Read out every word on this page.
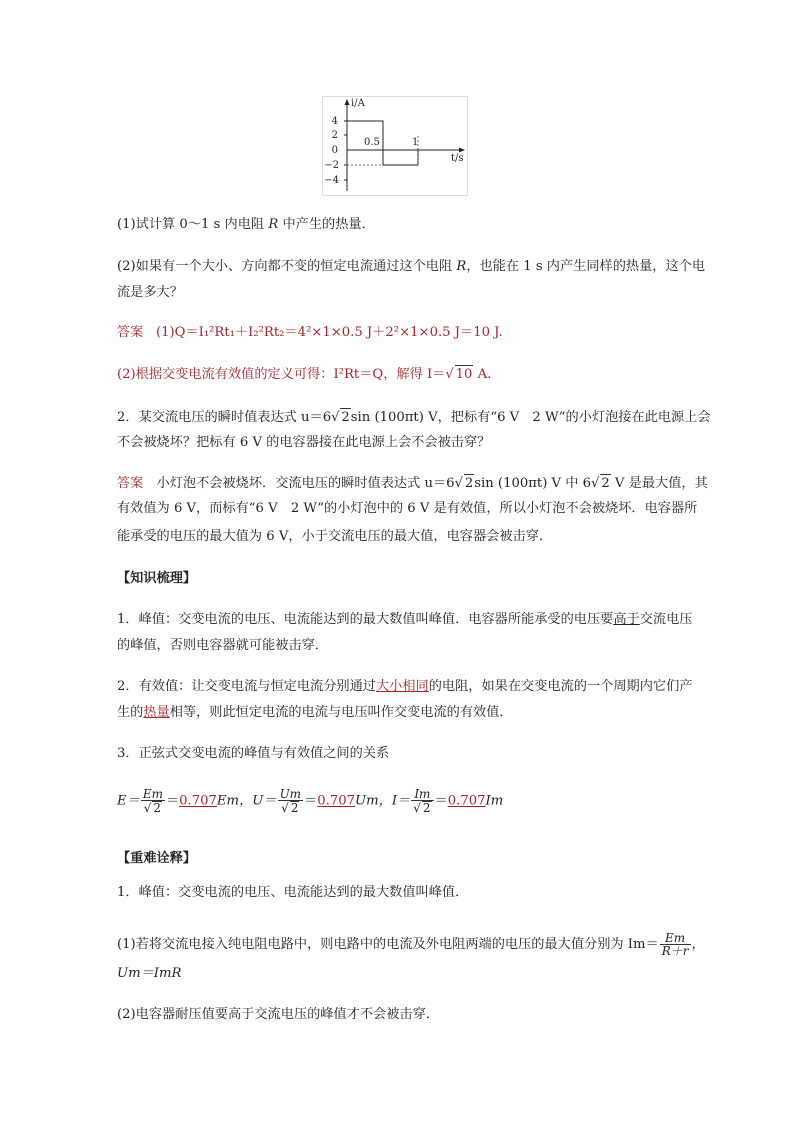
i/A
t/s
4
2
0
−2
−4
0.5	1
(1)试计算 0～1 s 内电阻 R 中产生的热量．
(2)如果有一个大小、方向都不变的恒定电流通过这个电阻 R，也能在 1 s 内产生同样的热量，这个电
流是多大？
答案 (1)Q＝I₁²Rt₁＋I₂²Rt₂＝4²×1×0.5 J＋2²×1×0.5 J＝10 J.
(2)根据交变电流有效值的定义可得：I²Rt＝Q，解得 I＝√ 10 A.
2．某交流电压的瞬时值表达式 u＝6√ 2sin (100πt) V，把标有“6 V　2 W”的小灯泡接在此电源上会
不会被烧坏？把标有 6 V 的电容器接在此电源上会不会被击穿？
答案　小灯泡不会被烧坏．交流电压的瞬时值表达式 u＝6√ 2sin (100πt) V 中 6√ 2 V 是最大值，其
有效值为 6 V，而标有“6 V　2 W”的小灯泡中的 6 V 是有效值，所以小灯泡不会被烧坏．电容器所
能承受的电压的最大值为 6 V，小于交流电压的最大值，电容器会被击穿．
【知识梳理】
1．峰值：交变电流的电压、电流能达到的最大数值叫峰值．电容器所能承受的电压要高于交流电压
的峰值，否则电容器就可能被击穿．
2．有效值：让交变电流与恒定电流分别通过大小相同的电阻，如果在交变电流的一个周期内它们产
生的热量相等，则此恒定电流的电流与电压叫作交变电流的有效值．
3．正弦式交变电流的峰值与有效值之间的关系
$E= \frac{Em}{√ 2} =0.707Em$，$U= \frac{Um}{√ 2} =0.707Um$，$I= \frac{Im}{√ 2} =0.707Im$
【重难诠释】
1．峰值：交变电流的电压、电流能达到的最大数值叫峰值．
(1)若将交流电接入纯电阻电路中，则电路中的电流及外电阻两端的电压的最大值分别为 $Im= \frac{Em}{R+r}$ ，
Um＝ImR
(2)电容器耐压值要高于交流电压的峰值才不会被击穿．
